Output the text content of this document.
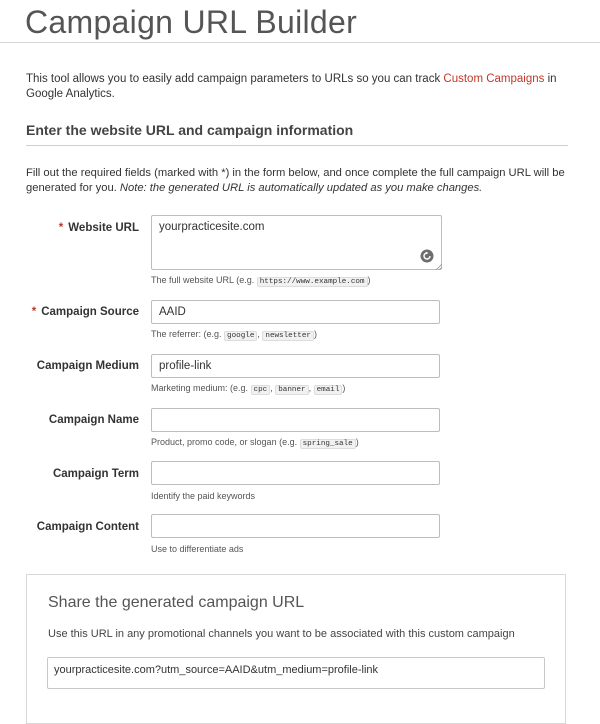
Campaign URL Builder
This tool allows you to easily add campaign parameters to URLs so you can track Custom Campaigns in Google Analytics.
Enter the website URL and campaign information
Fill out the required fields (marked with *) in the form below, and once complete the full campaign URL will be generated for you. Note: the generated URL is automatically updated as you make changes.
* Website URL	yourpracticesite.com
The full website URL (e.g. https://www.example.com )
* Campaign Source	AAID
The referrer: (e.g. google , newsletter )
Campaign Medium	profile-link
Marketing medium: (e.g. cpc , banner , email )
Campaign Name
Product, promo code, or slogan (e.g. spring_sale )
Campaign Term
Identify the paid keywords
Campaign Content
Use to differentiate ads
Share the generated campaign URL
Use this URL in any promotional channels you want to be associated with this custom campaign
yourpracticesite.com?utm_source=AAID&utm_medium=profile-link
